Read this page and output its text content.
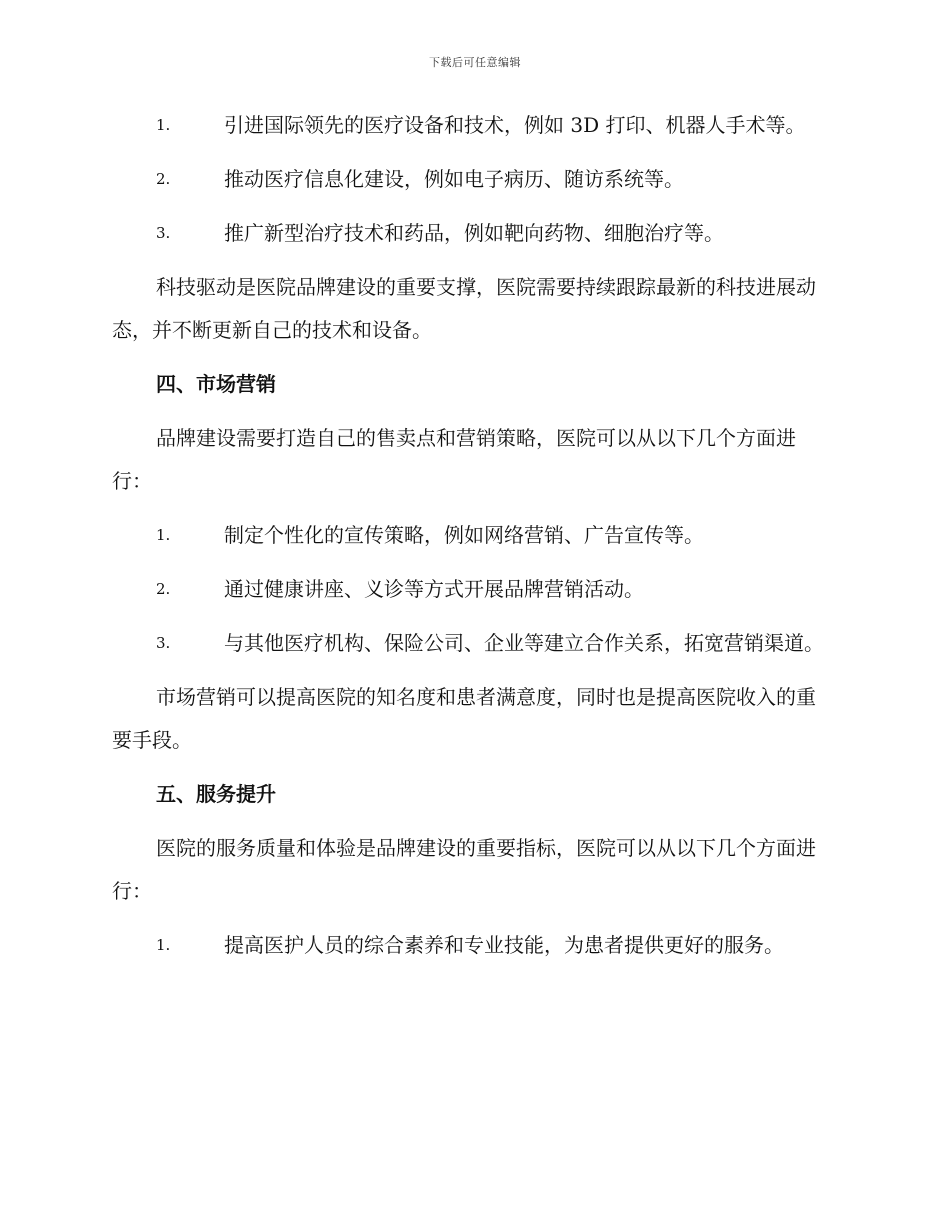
下载后可任意编辑
1.	引进国际领先的医疗设备和技术，例如 3D 打印、机器人手术等。
2.	推动医疗信息化建设，例如电子病历、随访系统等。
3.	推广新型治疗技术和药品，例如靶向药物、细胞治疗等。
科技驱动是医院品牌建设的重要支撑，医院需要持续跟踪最新的科技进展动态，并不断更新自己的技术和设备。
四、市场营销
品牌建设需要打造自己的售卖点和营销策略，医院可以从以下几个方面进行：
1.	制定个性化的宣传策略，例如网络营销、广告宣传等。
2.	通过健康讲座、义诊等方式开展品牌营销活动。
3.	与其他医疗机构、保险公司、企业等建立合作关系，拓宽营销渠道。
市场营销可以提高医院的知名度和患者满意度，同时也是提高医院收入的重要手段。
五、服务提升
医院的服务质量和体验是品牌建设的重要指标，医院可以从以下几个方面进行：
1.	提高医护人员的综合素养和专业技能，为患者提供更好的服务。
